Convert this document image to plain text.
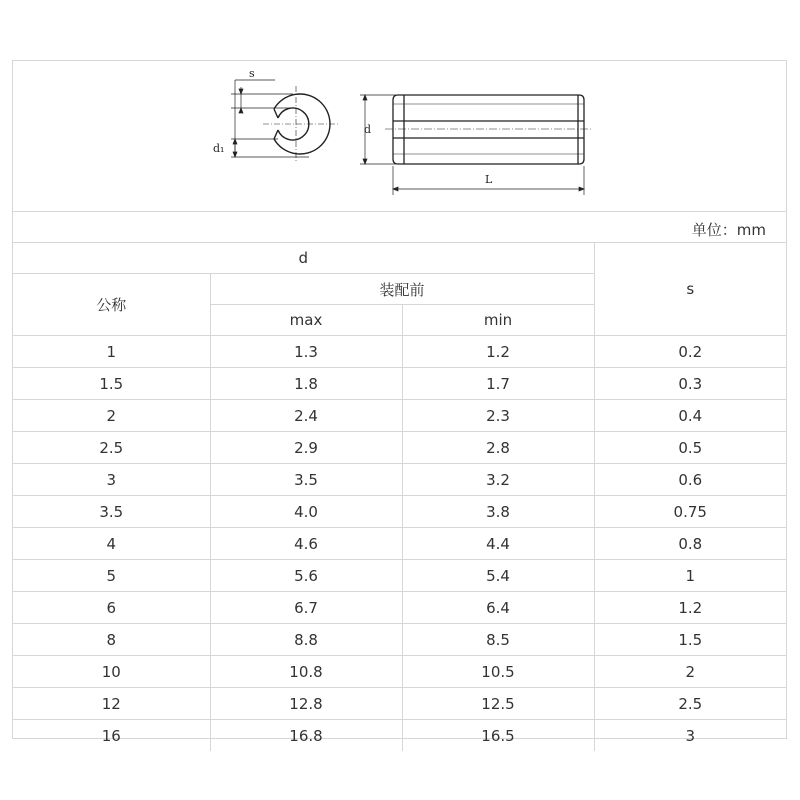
s
d₁
d
L
单位：mm
d			s
公称	装配前		
	max	min	
1	1.3	1.2	0.2
1.5	1.8	1.7	0.3
2	2.4	2.3	0.4
2.5	2.9	2.8	0.5
3	3.5	3.2	0.6
3.5	4.0	3.8	0.75
4	4.6	4.4	0.8
5	5.6	5.4	1
6	6.7	6.4	1.2
8	8.8	8.5	1.5
10	10.8	10.5	2
12	12.8	12.5	2.5
16	16.8	16.5	3
